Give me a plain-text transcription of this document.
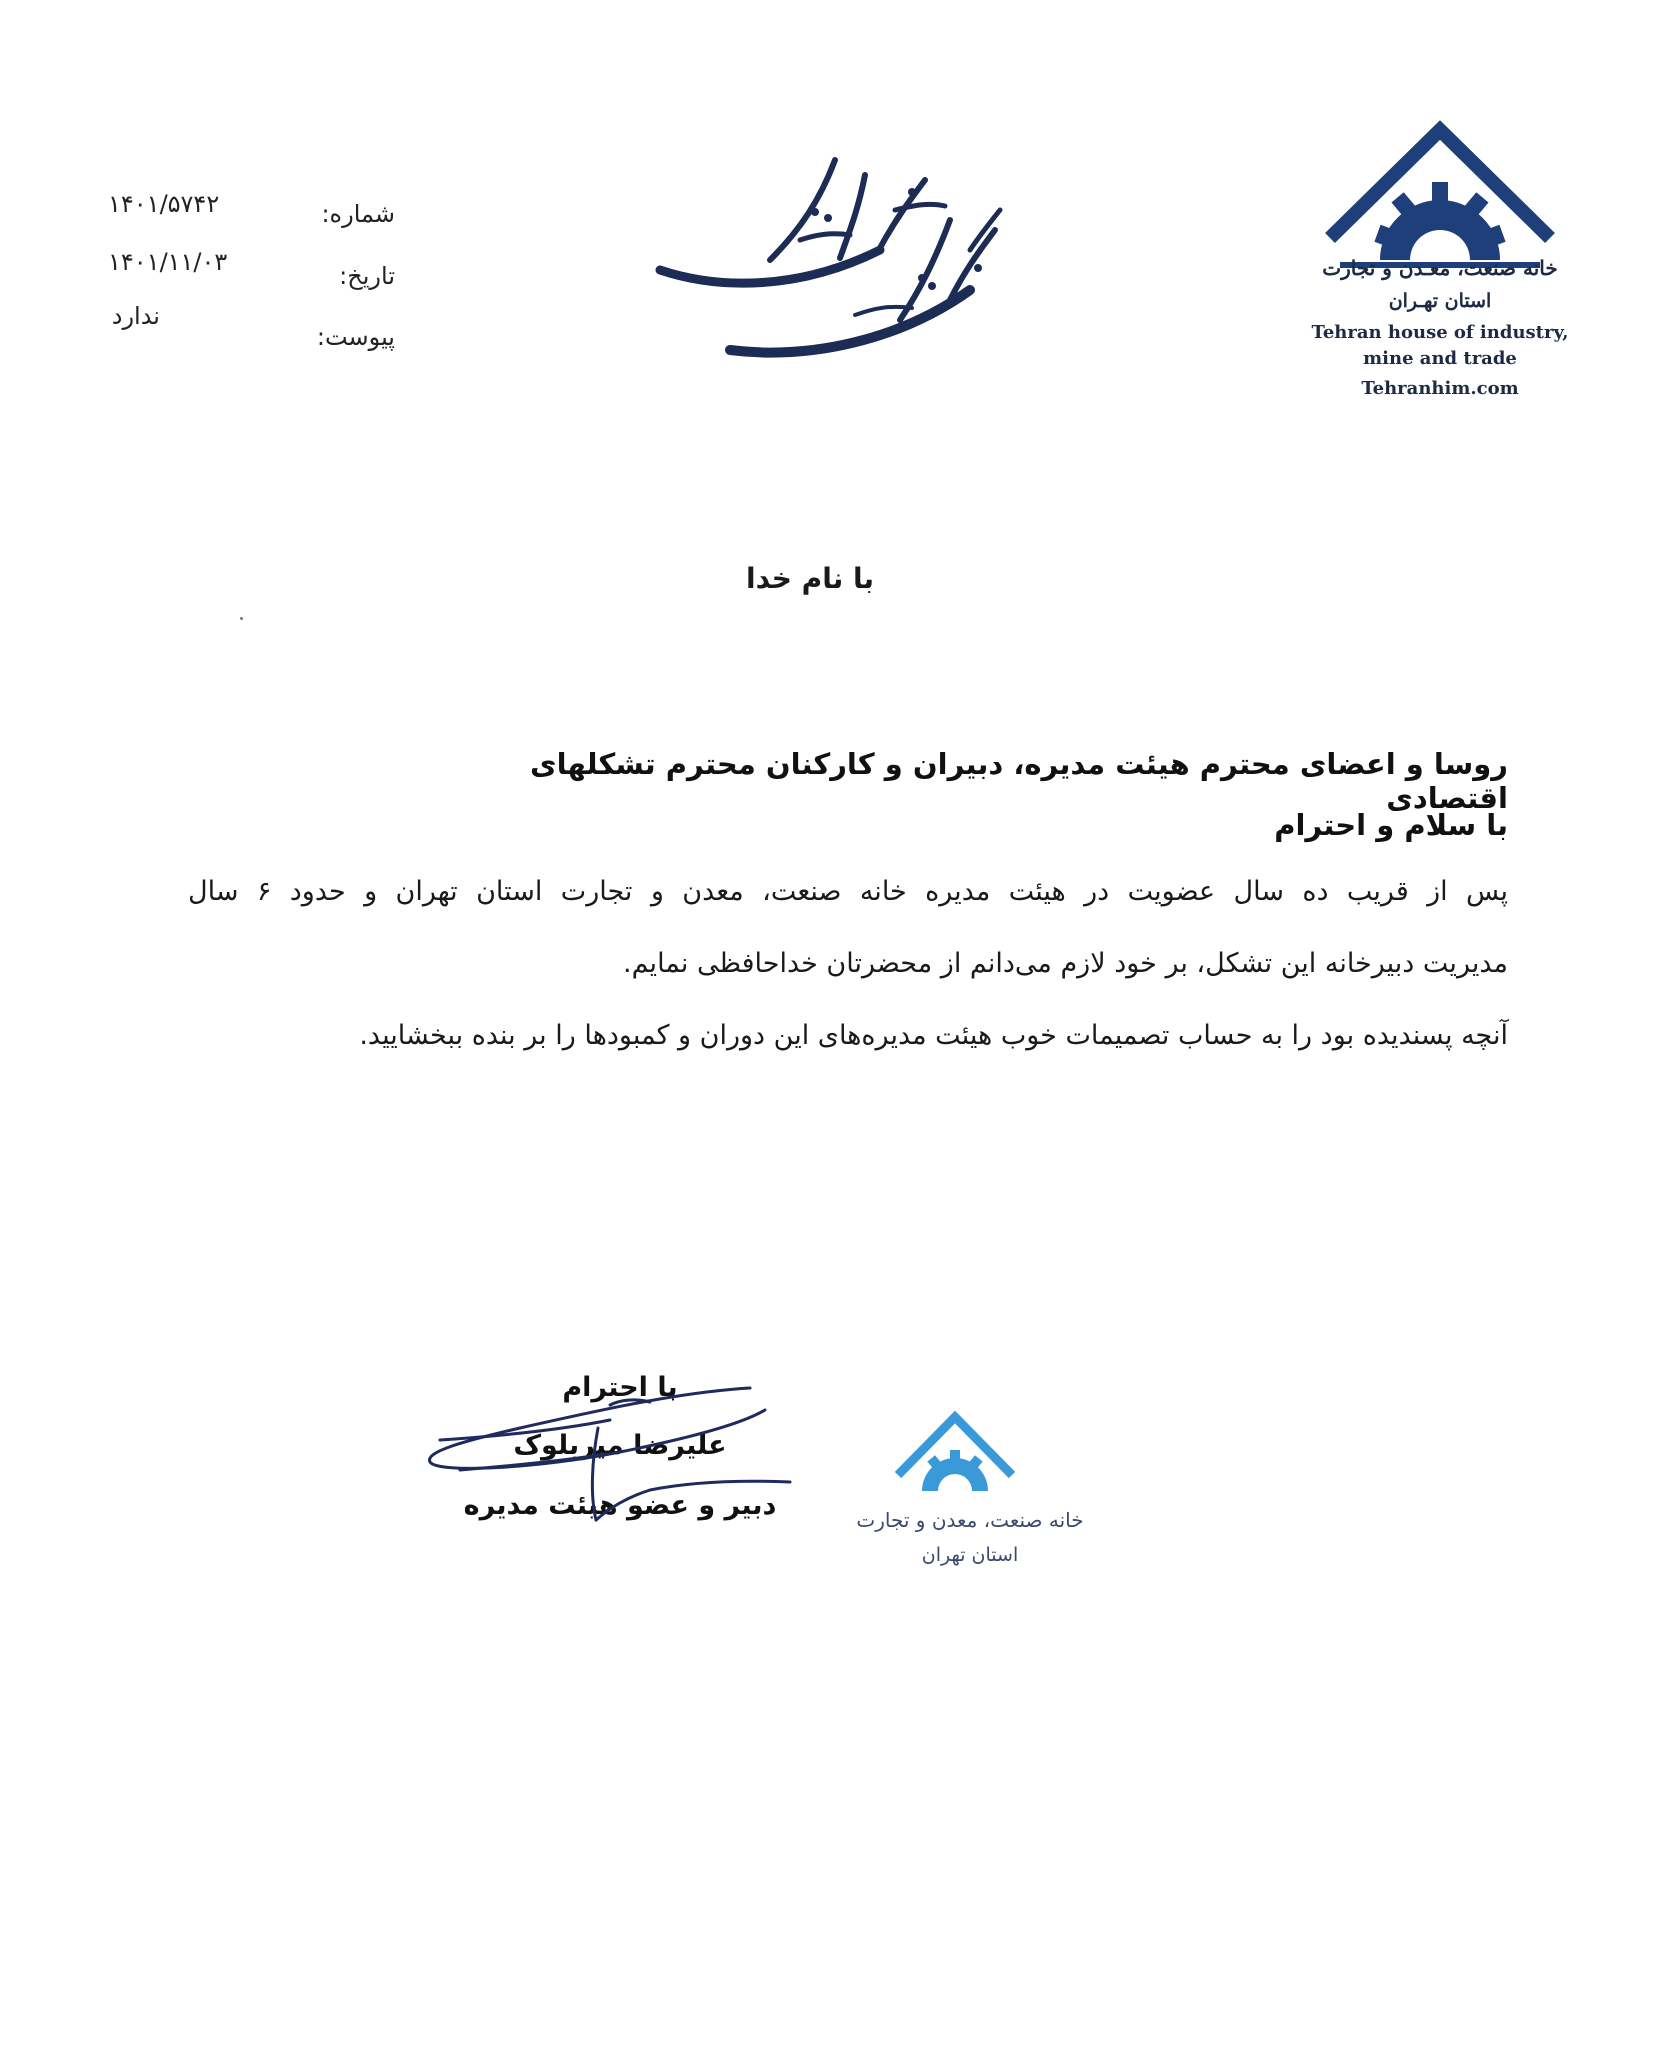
شماره:
۱۴۰۱/۵۷۴۲
تاریخ:
۱۴۰۱/۱۱/۰۳
پیوست:
ندارد
خانه صنعت، معـدن و تجارت
استان تهـران
Tehran house of industry,
mine and trade
Tehranhim.com
با نام خدا
روسا و اعضای محترم هیئت مدیره، دبیران و کارکنان محترم تشکلهای اقتصادی
با سلام و احترام
پس از قریب ده سال عضویت در هیئت مدیره خانه صنعت، معدن و تجارت استان تهران و حدود ۶ سال
مدیریت دبیرخانه این تشکل، بر خود لازم می‌دانم از محضرتان خداحافظی نمایم.
آنچه پسندیده بود را به حساب تصمیمات خوب هیئت مدیره‌های این دوران و کمبودها را بر بنده ببخشایید.
با احترام
علیرضا میربلوک
دبیر و عضو هیئت مدیره	خانه صنعت، معدن و تجارت
استان تهران
